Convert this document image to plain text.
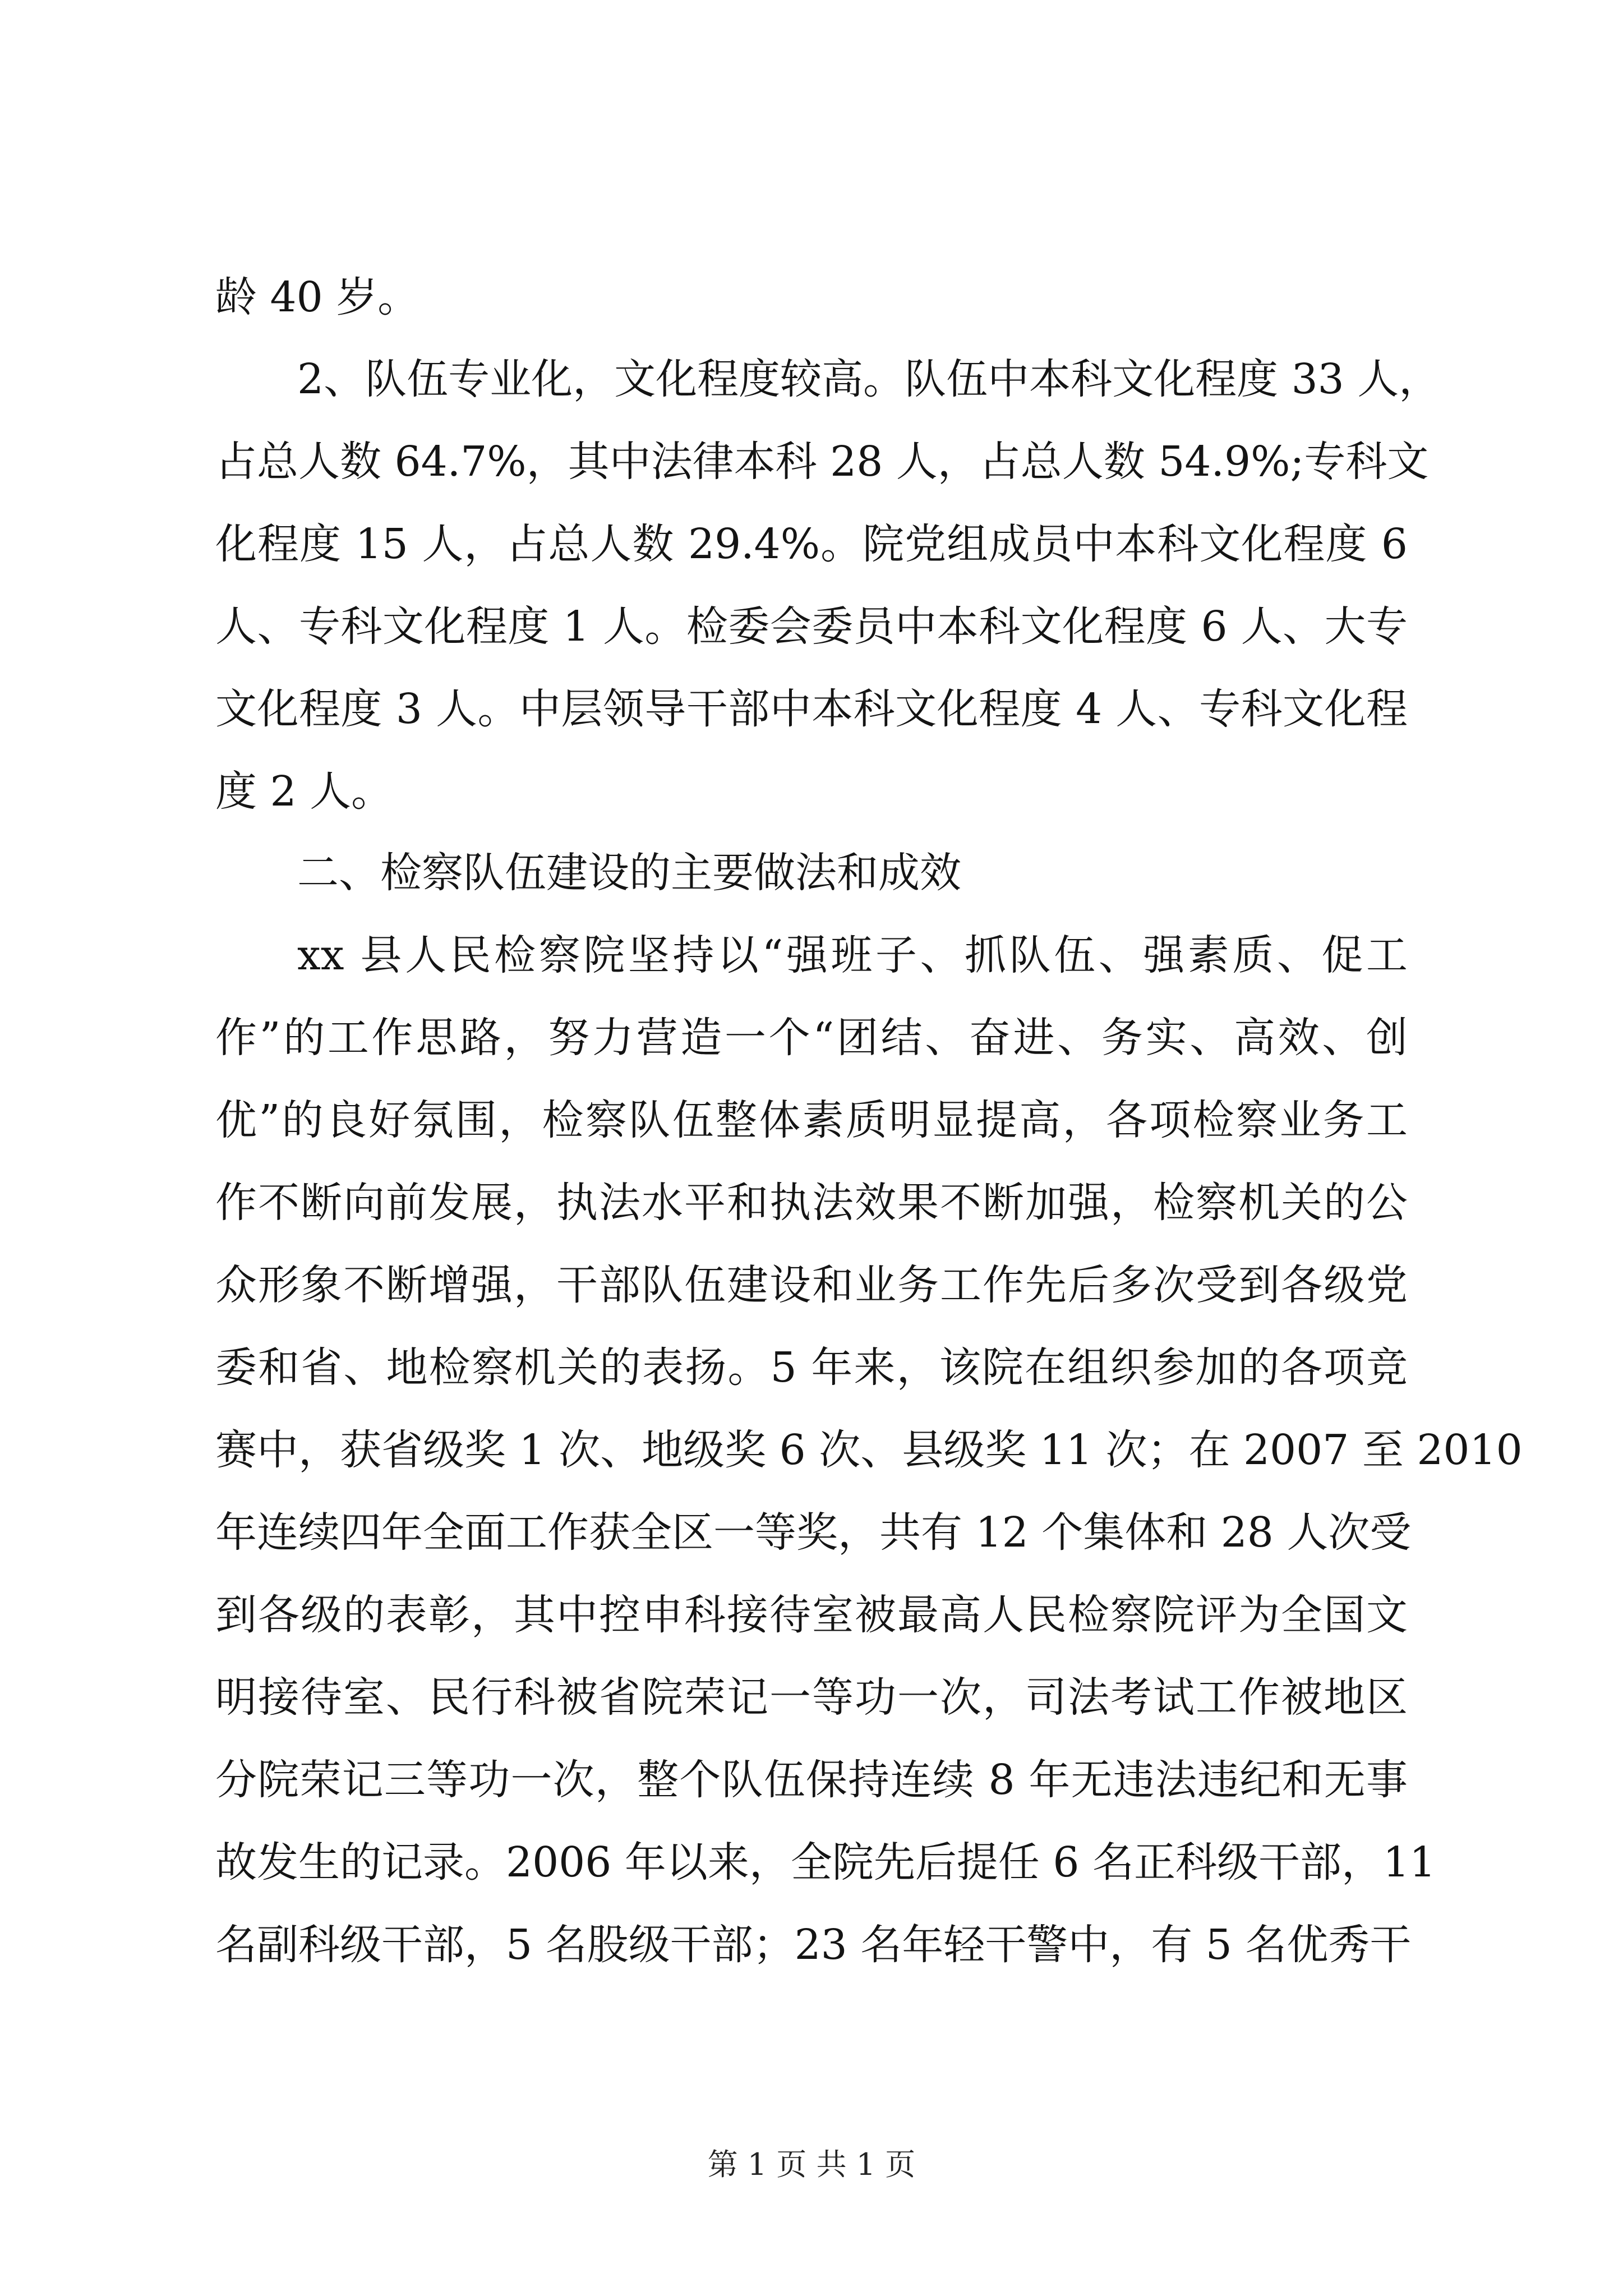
龄 40 岁。
2、队伍专业化，文化程度较高。队伍中本科文化程度 33 人，
占总人数 64.7%，其中法律本科 28 人，占总人数 54.9%;专科文
化程度 15 人，占总人数 29.4%。院党组成员中本科文化程度 6
人、专科文化程度 1 人。检委会委员中本科文化程度 6 人、大专
文化程度 3 人。中层领导干部中本科文化程度 4 人、专科文化程
度 2 人。
二、检察队伍建设的主要做法和成效
xx 县人民检察院坚持以“强班子、抓队伍、强素质、促工
作”的工作思路，努力营造一个“团结、奋进、务实、高效、创
优”的良好氛围，检察队伍整体素质明显提高，各项检察业务工
作不断向前发展，执法水平和执法效果不断加强，检察机关的公
众形象不断增强，干部队伍建设和业务工作先后多次受到各级党
委和省、地检察机关的表扬。5 年来，该院在组织参加的各项竞
赛中，获省级奖 1 次、地级奖 6 次、县级奖 11 次；在 2007 至 2010
年连续四年全面工作获全区一等奖，共有 12 个集体和 28 人次受
到各级的表彰，其中控申科接待室被最高人民检察院评为全国文
明接待室、民行科被省院荣记一等功一次，司法考试工作被地区
分院荣记三等功一次，整个队伍保持连续 8 年无违法违纪和无事
故发生的记录。2006 年以来，全院先后提任 6 名正科级干部，11
名副科级干部，5 名股级干部；23 名年轻干警中，有 5 名优秀干
第 1 页 共 1 页
